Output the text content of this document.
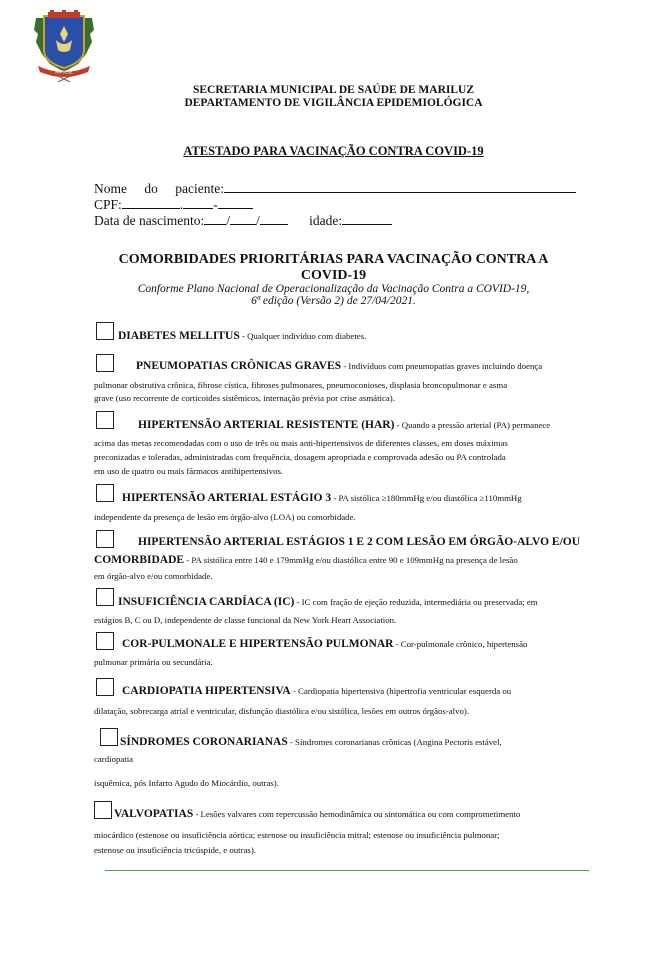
MARILUZ
SECRETARIA MUNICIPAL DE SAÚDE DE MARILUZ
DEPARTAMENTO DE VIGILÂNCIA EPIDEMIOLÓGICA
ATESTADO PARA VACINAÇÃO CONTRA COVID-19
Nome do paciente:
CPF:	. -
Data de nascimento: / /	idade:
COMORBIDADES PRIORITÁRIAS PARA VACINAÇÃO CONTRA A
COVID-19
Conforme Plano Nacional de Operacionalização da Vacinação Contra a COVID-19,
6ª edição (Versão 2) de 27/04/2021.
DIABETES MELLITUS - Qualquer indivíduo com diabetes.
PNEUMOPATIAS CRÔNICAS GRAVES - Indivíduos com pneumopatias graves incluindo doença
pulmonar obstrutiva crônica, fibrose cística, fibroses pulmonares, pneumoconioses, displasia broncopulmonar e asma
grave (uso recorrente de corticoides sistêmicos, internação prévia por crise asmática).
HIPERTENSÃO ARTERIAL RESISTENTE (HAR) - Quando a pressão arterial (PA) permanece
acima das metas recomendadas com o uso de três ou mais anti-hipertensivos de diferentes classes, em doses máximas
preconizadas e toleradas, administradas com frequência, dosagem apropriada e comprovada adesão ou PA controlada
em uso de quatro ou mais fármacos antihipertensivos.
HIPERTENSÃO ARTERIAL ESTÁGIO 3 - PA sistólica ≥180mmHg e/ou diastólica ≥110mmHg
independente da presença de lesão em órgão-alvo (LOA) ou comorbidade.
HIPERTENSÃO ARTERIAL ESTÁGIOS 1 E 2 COM LESÃO EM ÓRGÃO-ALVO E/OU
COMORBIDADE - PA sistólica entre 140 e 179mmHg e/ou diastólica entre 90 e 109mmHg na presença de lesão
em órgão-alvo e/ou comorbidade.
INSUFICIÊNCIA CARDÍACA (IC) - IC com fração de ejeção reduzida, intermediária ou preservada; em
estágios B, C ou D, independente de classe funcional da New York Heart Association.
COR-PULMONALE E HIPERTENSÃO PULMONAR - Cor-pulmonale crônico, hipertensão
pulmonar primária ou secundária.
CARDIOPATIA HIPERTENSIVA - Cardiopatia hipertensiva (hipertrofia ventricular esquerda ou
dilatação, sobrecarga atrial e ventricular, disfunção diastólica e/ou sistólica, lesões em outros órgãos-alvo).
SÍNDROMES CORONARIANAS - Síndromes coronarianas crônicas (Angina Pectoris estável,
cardiopatia
isquêmica, pós Infarto Agudo do Miocárdio, outras).
VALVOPATIAS - Lesões valvares com repercussão hemodinâmica ou sintomática ou com comprometimento
miocárdico (estenose ou insuficiência aórtica; estenose ou insuficiência mitral; estenose ou insuficiência pulmonar;
estenose ou insuficiência tricúspide, e outras).
